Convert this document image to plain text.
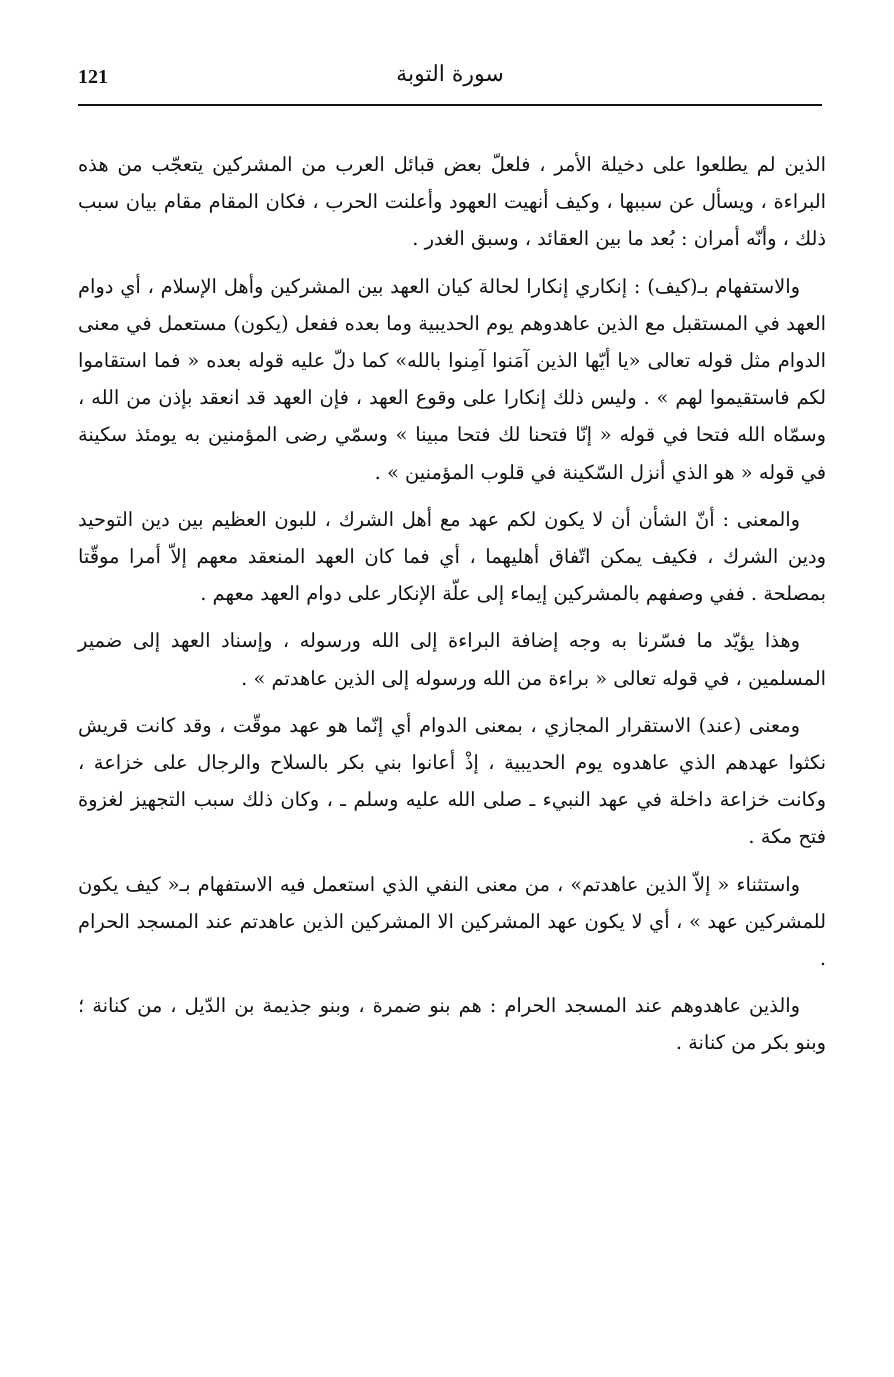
121	سورة التوبة

الذين لم يطلعوا على دخيلة الأمر ، فلعلّ بعض قبائل العرب من المشركين يتعجّب من هذه البراءة ، ويسأل عن سببها ، وكيف أنهيت العهود وأعلنت الحرب ، فكان المقام مقام بيان سبب ذلك ، وأنّه أمران : بُعد ما بين العقائد ، وسبق الغدر .

والاستفهام بـ(كيف) : إنكاري إنكارا لحالة كيان العهد بين المشركين وأهل الإسلام ، أي دوام العهد في المستقبل مع الذين عاهدوهم يوم الحديبية وما بعده ففعل (يكون) مستعمل في معنى الدوام مثل قوله تعالى «يا أيّها الذين آمَنوا آمِنوا بالله» كما دلّ عليه قوله بعده « فما استقاموا لكم فاستقيموا لهم » . وليس ذلك إنكارا على وقوع العهد ، فإن العهد قد انعقد بإذن من الله ، وسمّاه الله فتحا في قوله « إنّا فتحنا لك فتحا مبينا » وسمّي رضى المؤمنين به يومئذ سكينة في قوله « هو الذي أنزل السّكينة في قلوب المؤمنين » .

والمعنى : أنّ الشأن أن لا يكون لكم عهد مع أهل الشرك ، للبون العظيم بين دين التوحيد ودين الشرك ، فكيف يمكن اتّفاق أهليهما ، أي فما كان العهد المنعقد معهم إلاّ أمرا موقّتا بمصلحة . ففي وصفهم بالمشركين إيماء إلى علّة الإنكار على دوام العهد معهم .

وهذا يؤيّد ما فسّرنا به وجه إضافة البراءة إلى الله ورسوله ، وإسناد العهد إلى ضمير المسلمين ، في قوله تعالى « براءة من الله ورسوله إلى الذين عاهدتم » .

ومعنى (عند) الاستقرار المجازي ، بمعنى الدوام أي إنّما هو عهد موقّت ، وقد كانت قريش نكثوا عهدهم الذي عاهدوه يوم الحديبية ، إذْ أعانوا بني بكر بالسلاح والرجال على خزاعة ، وكانت خزاعة داخلة في عهد النبيء ـ صلى الله عليه وسلم ـ ، وكان ذلك سبب التجهيز لغزوة فتح مكة .

واستثناء « إلاّ الذين عاهدتم» ، من معنى النفي الذي استعمل فيه الاستفهام بـ« كيف يكون للمشركين عهد » ، أي لا يكون عهد المشركين الا المشركين الذين عاهدتم عند المسجد الحرام .

والذين عاهدوهم عند المسجد الحرام : هم بنو ضمرة ، وبنو جذيمة بن الدّيل ، من كنانة ؛ وبنو بكر من كنانة .
